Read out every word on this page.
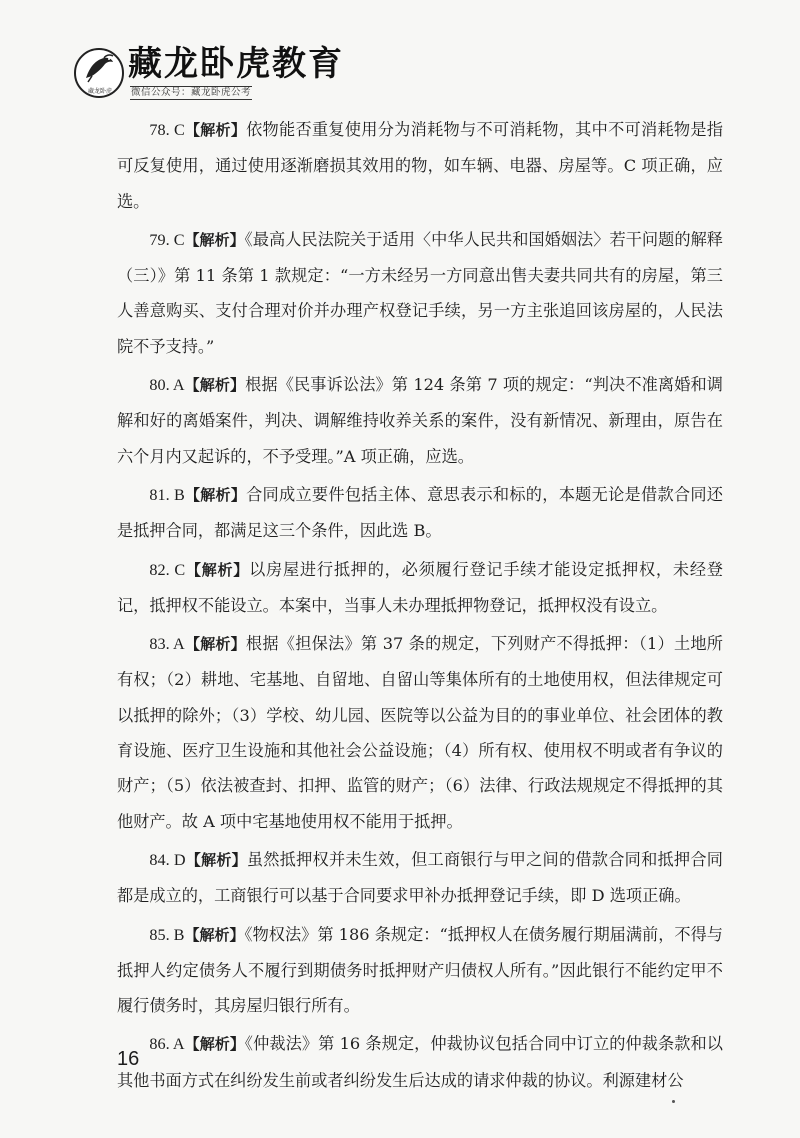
藏龙卧虎
藏龙卧虎教育
微信公众号：藏龙卧虎公考

78. C【解析】依物能否重复使用分为消耗物与不可消耗物，其中不可消耗物是指可反复使用，通过使用逐渐磨损其效用的物，如车辆、电器、房屋等。C 项正确，应选。

79. C【解析】《最高人民法院关于适用〈中华人民共和国婚姻法〉若干问题的解释（三）》第 11 条第 1 款规定：“一方未经另一方同意出售夫妻共同共有的房屋，第三人善意购买、支付合理对价并办理产权登记手续，另一方主张追回该房屋的，人民法院不予支持。”

80. A【解析】根据《民事诉讼法》第 124 条第 7 项的规定：“判决不准离婚和调解和好的离婚案件，判决、调解维持收养关系的案件，没有新情况、新理由，原告在六个月内又起诉的，不予受理。”A 项正确，应选。

81. B【解析】合同成立要件包括主体、意思表示和标的，本题无论是借款合同还是抵押合同，都满足这三个条件，因此选 B。

82. C【解析】以房屋进行抵押的，必须履行登记手续才能设定抵押权，未经登记，抵押权不能设立。本案中，当事人未办理抵押物登记，抵押权没有设立。

83. A【解析】根据《担保法》第 37 条的规定，下列财产不得抵押：（1）土地所有权；（2）耕地、宅基地、自留地、自留山等集体所有的土地使用权，但法律规定可以抵押的除外；（3）学校、幼儿园、医院等以公益为目的的事业单位、社会团体的教育设施、医疗卫生设施和其他社会公益设施；（4）所有权、使用权不明或者有争议的财产；（5）依法被查封、扣押、监管的财产；（6）法律、行政法规规定不得抵押的其他财产。故 A 项中宅基地使用权不能用于抵押。

84. D【解析】虽然抵押权并未生效，但工商银行与甲之间的借款合同和抵押合同都是成立的，工商银行可以基于合同要求甲补办抵押登记手续，即 D 选项正确。

85. B【解析】《物权法》第 186 条规定：“抵押权人在债务履行期届满前，不得与抵押人约定债务人不履行到期债务时抵押财产归债权人所有。”因此银行不能约定甲不履行债务时，其房屋归银行所有。

86. A【解析】《仲裁法》第 16 条规定，仲裁协议包括合同中订立的仲裁条款和以其他书面方式在纠纷发生前或者纠纷发生后达成的请求仲裁的协议。利源建材公

16
